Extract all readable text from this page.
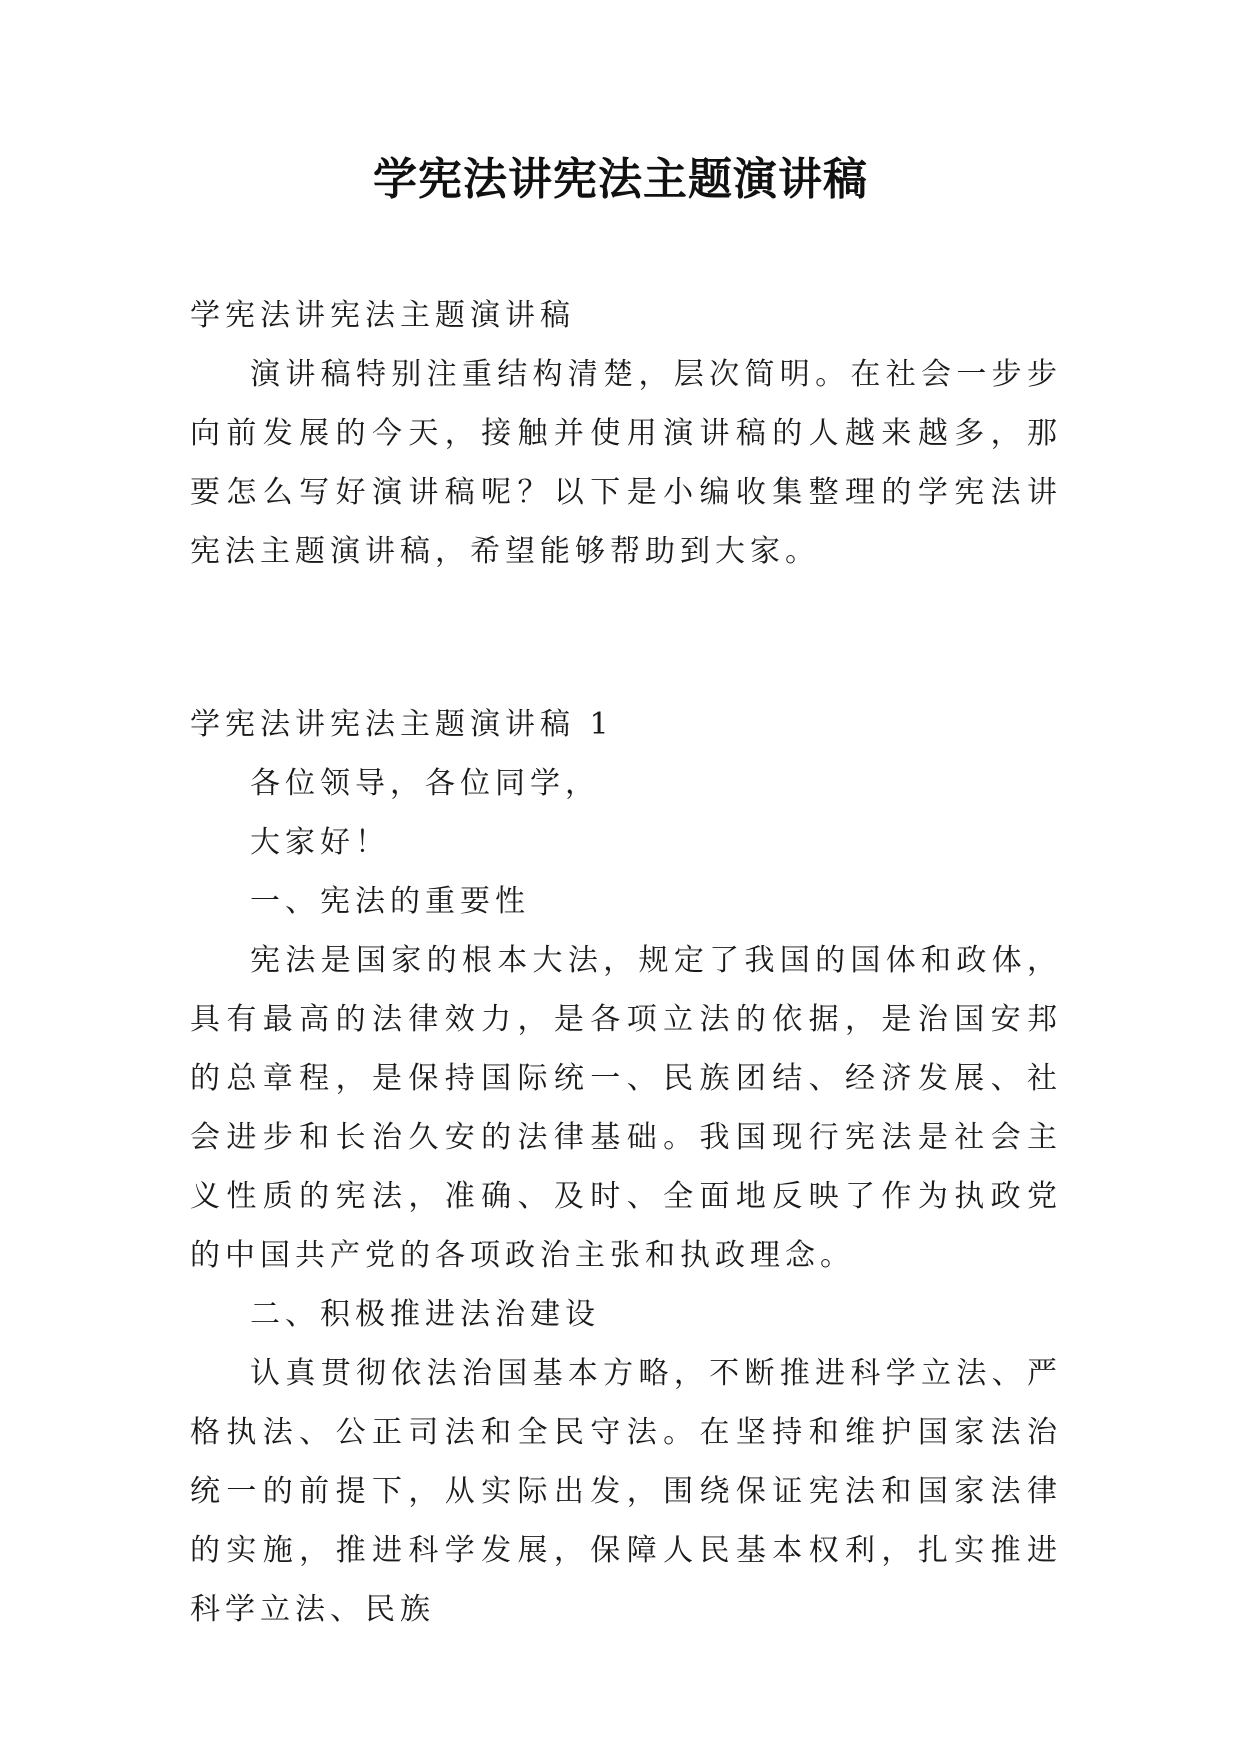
学宪法讲宪法主题演讲稿

学宪法讲宪法主题演讲稿

演讲稿特别注重结构清楚，层次简明。在社会一步步向前发展的今天，接触并使用演讲稿的人越来越多，那要怎么写好演讲稿呢？以下是小编收集整理的学宪法讲宪法主题演讲稿，希望能够帮助到大家。

学宪法讲宪法主题演讲稿 1

各位领导，各位同学，

大家好！

一、宪法的重要性

宪法是国家的根本大法，规定了我国的国体和政体，具有最高的法律效力，是各项立法的依据，是治国安邦的总章程，是保持国际统一、民族团结、经济发展、社会进步和长治久安的法律基础。我国现行宪法是社会主义性质的宪法，准确、及时、全面地反映了作为执政党的中国共产党的各项政治主张和执政理念。

二、积极推进法治建设

认真贯彻依法治国基本方略，不断推进科学立法、严格执法、公正司法和全民守法。在坚持和维护国家法治统一的前提下，从实际出发，围绕保证宪法和国家法律的实施，推进科学发展，保障人民基本权利，扎实推进科学立法、民族
